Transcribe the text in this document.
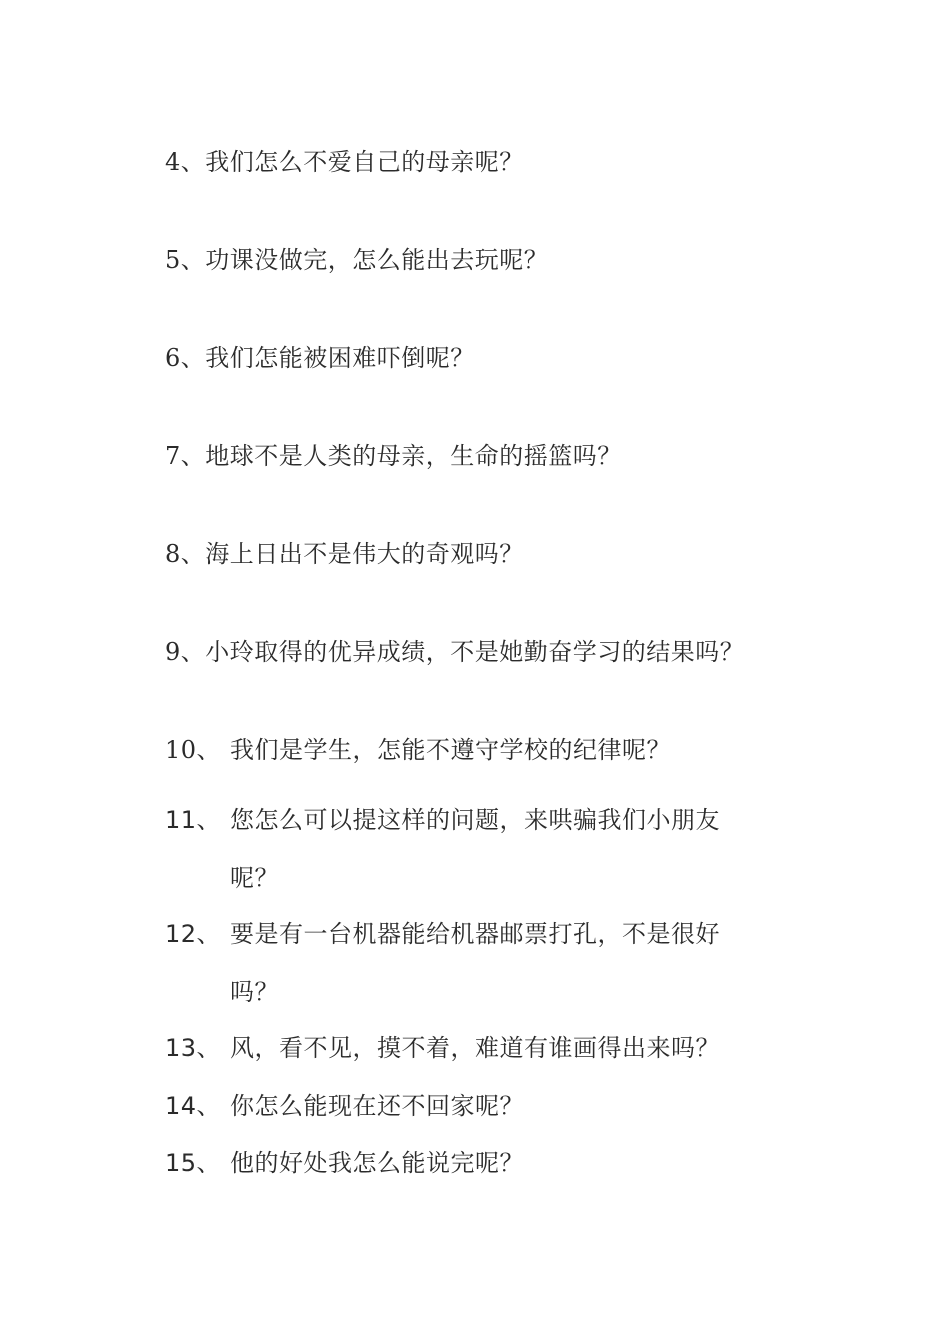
4、我们怎么不爱自己的母亲呢？
5、功课没做完，怎么能出去玩呢？
6、我们怎能被困难吓倒呢？
7、地球不是人类的母亲，生命的摇篮吗？
8、海上日出不是伟大的奇观吗？
9、小玲取得的优异成绩，不是她勤奋学习的结果吗？
10、 我们是学生，怎能不遵守学校的纪律呢？
11、 您怎么可以提这样的问题，来哄骗我们小朋友
呢？
12、 要是有一台机器能给机器邮票打孔，不是很好
吗？
13、 风，看不见，摸不着，难道有谁画得出来吗？
14、 你怎么能现在还不回家呢？
15、 他的好处我怎么能说完呢？
